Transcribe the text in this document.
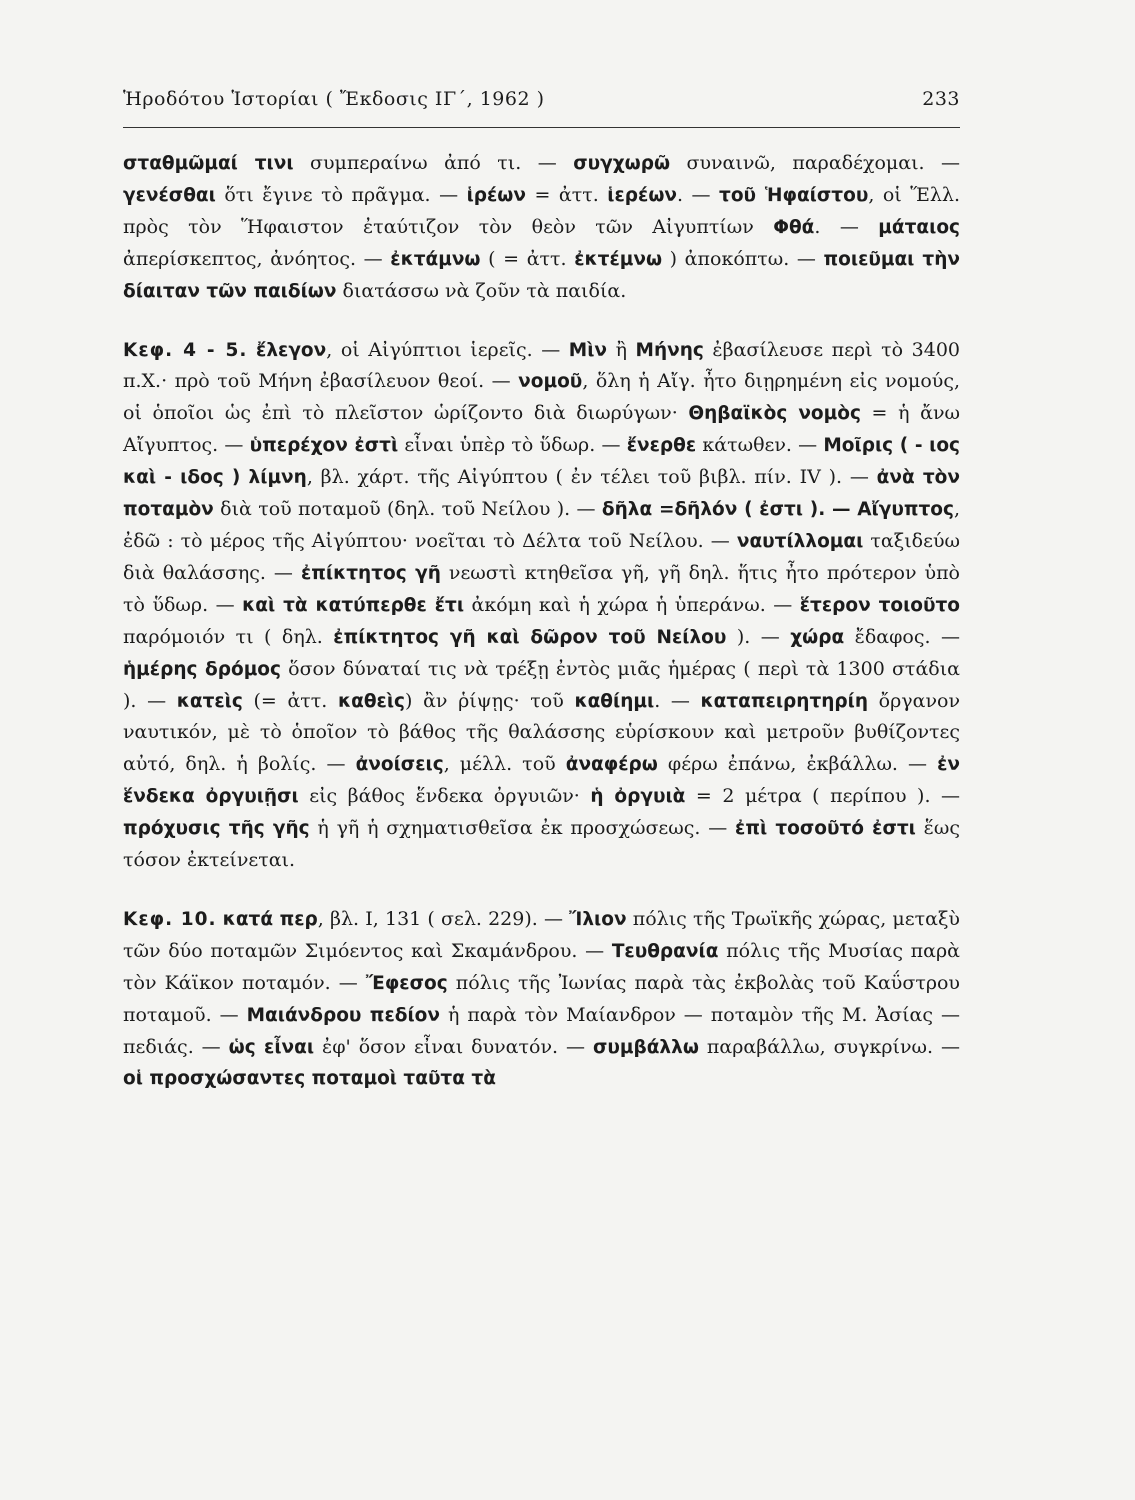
Ἡροδότου Ἱστορίαι ( Ἔκδοσις ΙΓ΄, 1962 )	233

σταθμῶμαί τινι συμπεραίνω ἀπό τι. — συγχωρῶ συναινῶ, παραδέχομαι. — γενέσθαι ὅτι ἔγινε τὸ πρᾶγμα. — ἱρέων = ἀττ. ἱερέων. — τοῦ Ἡφαίστου, οἱ Ἕλλ. πρὸς τὸν Ἥφαιστον ἐταύτιζον τὸν θεὸν τῶν Αἰγυπτίων Φθά. — μάταιος ἀπερίσκεπτος, ἀνόητος. — ἐκτάμνω ( = ἀττ. ἐκτέμνω ) ἀποκόπτω. — ποιεῦμαι τὴν δίαιταν τῶν παιδίων διατάσσω νὰ ζοῦν τὰ παιδία.

Κεφ. 4 - 5. ἔλεγον, οἱ Αἰγύπτιοι ἱερεῖς. — Μὶν ἢ Μήνης ἐβασίλευσε περὶ τὸ 3400 π.Χ.· πρὸ τοῦ Μήνη ἐβασίλευον θεοί. — νομοῦ, ὅλη ἡ Αἴγ. ἦτο διῃρημένη εἰς νομούς, οἱ ὁποῖοι ὡς ἐπὶ τὸ πλεῖστον ὡρίζοντο διὰ διωρύγων· Θηβαϊκὸς νομὸς = ἡ ἄνω Αἴγυπτος. — ὑπερέχον ἐστὶ εἶναι ὑπὲρ τὸ ὕδωρ. — ἔνερθε κάτωθεν. — Μοῖρις ( - ιος καὶ - ιδος ) λίμνη, βλ. χάρτ. τῆς Αἰγύπτου ( ἐν τέλει τοῦ βιβλ. πίν. IV ). — ἀνὰ τὸν ποταμὸν διὰ τοῦ ποταμοῦ (δηλ. τοῦ Νείλου ). — δῆλα =δῆλόν ( ἐστι ). — Αἴγυπτος, ἐδῶ : τὸ μέρος τῆς Αἰγύπτου· νοεῖται τὸ Δέλτα τοῦ Νείλου. — ναυτίλλομαι ταξιδεύω διὰ θαλάσσης. — ἐπίκτητος γῆ νεωστὶ κτηθεῖσα γῆ, γῆ δηλ. ἥτις ἦτο πρότερον ὑπὸ τὸ ὕδωρ. — καὶ τὰ κατύπερθε ἔτι ἀκόμη καὶ ἡ χώρα ἡ ὑπεράνω. — ἕτερον τοιοῦτο παρόμοιόν τι ( δηλ. ἐπίκτητος γῆ καὶ δῶρον τοῦ Νείλου ). — χώρα ἔδαφος. — ἡμέρης δρόμος ὅσον δύναταί τις νὰ τρέξῃ ἐντὸς μιᾶς ἡμέρας ( περὶ τὰ 1300 στάδια ). — κατεὶς (= ἀττ. καθεὶς) ἂν ῥίψῃς· τοῦ καθίημι. — καταπειρητηρίη ὄργανον ναυτικόν, μὲ τὸ ὁποῖον τὸ βάθος τῆς θαλάσσης εὑρίσκουν καὶ μετροῦν βυθίζοντες αὐτό, δηλ. ἡ βολίς. — ἀνοίσεις, μέλλ. τοῦ ἀναφέρω φέρω ἐπάνω, ἐκβάλλω. — ἐν ἕνδεκα ὀργυιῇσι εἰς βάθος ἕνδεκα ὀργυιῶν· ἡ ὀργυιὰ = 2 μέτρα ( περίπου ). — πρόχυσις τῆς γῆς ἡ γῆ ἡ σχηματισθεῖσα ἐκ προσχώσεως. — ἐπὶ τοσοῦτό ἐστι ἕως τόσον ἐκτείνεται.

Κεφ. 10. κατά περ, βλ. I, 131 ( σελ. 229). — Ἴλιον πόλις τῆς Τρωϊκῆς χώρας, μεταξὺ τῶν δύο ποταμῶν Σιμόεντος καὶ Σκαμάνδρου. — Τευθρανία πόλις τῆς Μυσίας παρὰ τὸν Κάϊκον ποταμόν. — Ἔφεσος πόλις τῆς Ἰωνίας παρὰ τὰς ἐκβολὰς τοῦ Καΰστρου ποταμοῦ. — Μαιάνδρου πεδίον ἡ παρὰ τὸν Μαίανδρον — ποταμὸν τῆς Μ. Ἀσίας — πεδιάς. — ὡς εἶναι ἐφ' ὅσον εἶναι δυνατόν. — συμβάλλω παραβάλλω, συγκρίνω. — οἱ προσχώσαντες ποταμοὶ ταῦτα τὰ
